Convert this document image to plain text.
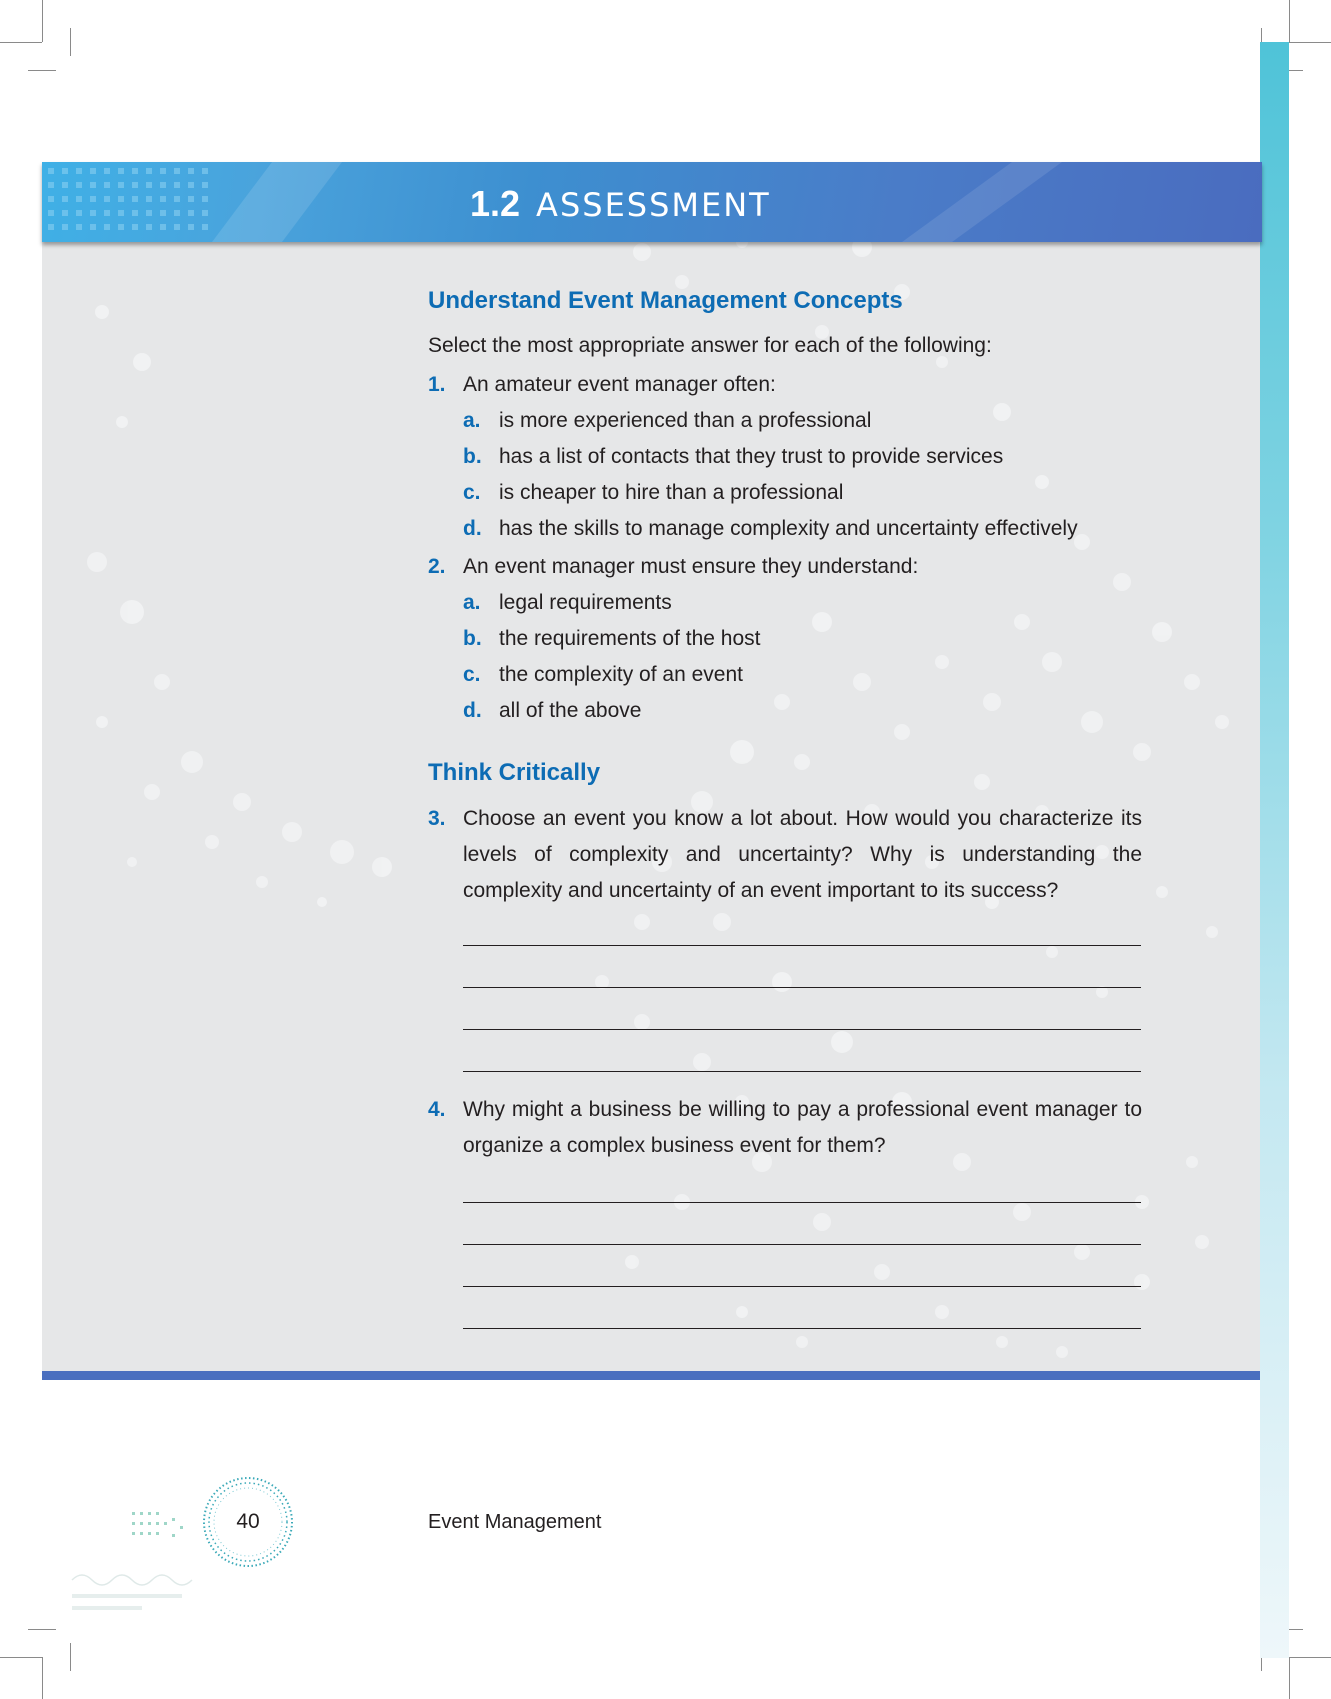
1.2 ASSESSMENT
Understand Event Management Concepts
Select the most appropriate answer for each of the following:
1. An amateur event manager often:
a. is more experienced than a professional
b. has a list of contacts that they trust to provide services
c. is cheaper to hire than a professional
d. has the skills to manage complexity and uncertainty effectively
2. An event manager must ensure they understand:
a. legal requirements
b. the requirements of the host
c. the complexity of an event
d. all of the above
Think Critically
3. Choose an event you know a lot about. How would you characterize its levels of complexity and uncertainty? Why is understanding the complexity and uncertainty of an event important to its success?
4. Why might a business be willing to pay a professional event manager to organize a complex business event for them?
40	Event Management
